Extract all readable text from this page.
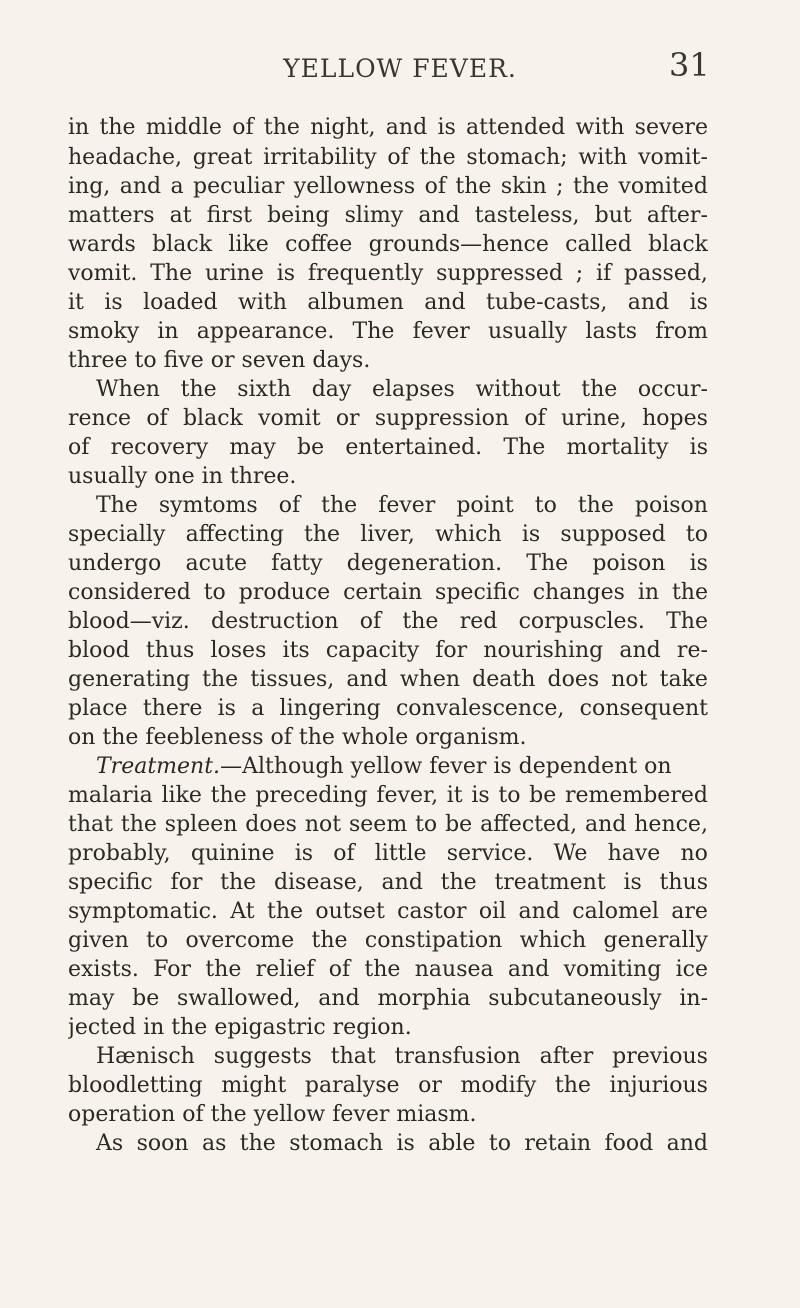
YELLOW FEVER.	31
in the middle of the night, and is attended with severe
headache, great irritability of the stomach; with vomit-
ing, and a peculiar yellowness of the skin ; the vomited
matters at first being slimy and tasteless, but after-
wards black like coffee grounds—hence called black
vomit. The urine is frequently suppressed ; if passed,
it is loaded with albumen and tube-casts, and is
smoky in appearance. The fever usually lasts from
three to five or seven days.
When the sixth day elapses without the occur-
rence of black vomit or suppression of urine, hopes
of recovery may be entertained. The mortality is
usually one in three.
The symtoms of the fever point to the poison
specially affecting the liver, which is supposed to
undergo acute fatty degeneration. The poison is
considered to produce certain specific changes in the
blood—viz. destruction of the red corpuscles. The
blood thus loses its capacity for nourishing and re-
generating the tissues, and when death does not take
place there is a lingering convalescence, consequent
on the feebleness of the whole organism.
Treatment.—Although yellow fever is dependent on
malaria like the preceding fever, it is to be remembered
that the spleen does not seem to be affected, and hence,
probably, quinine is of little service. We have no
specific for the disease, and the treatment is thus
symptomatic. At the outset castor oil and calomel are
given to overcome the constipation which generally
exists. For the relief of the nausea and vomiting ice
may be swallowed, and morphia subcutaneously in-
jected in the epigastric region.
Hænisch suggests that transfusion after previous
bloodletting might paralyse or modify the injurious
operation of the yellow fever miasm.
As soon as the stomach is able to retain food and
